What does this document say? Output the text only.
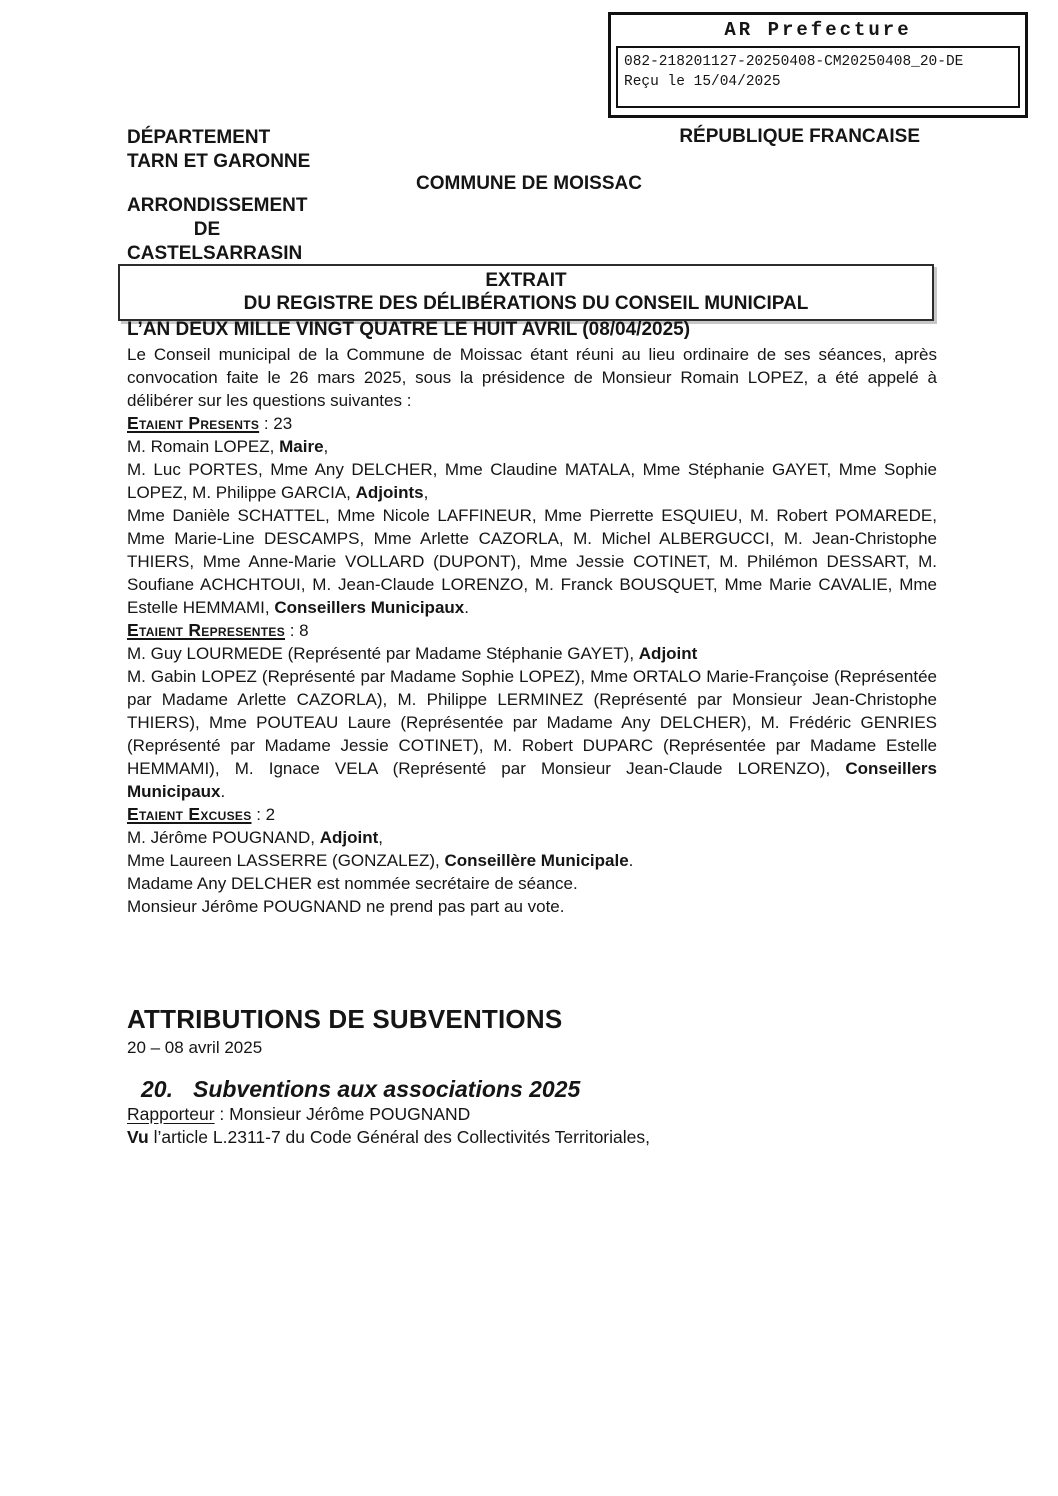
AR Prefecture
082-218201127-20250408-CM20250408_20-DE
Reçu le 15/04/2025
DÉPARTEMENT
TARN ET GARONNE
ARRONDISSEMENT
DE
CASTELSARRASIN
RÉPUBLIQUE FRANCAISE
COMMUNE DE MOISSAC
EXTRAIT
DU REGISTRE DES DÉLIBÉRATIONS DU CONSEIL MUNICIPAL
L’AN DEUX MILLE VINGT QUATRE LE HUIT AVRIL (08/04/2025)

Le Conseil municipal de la Commune de Moissac étant réuni au lieu ordinaire de ses séances, après convocation faite le 26 mars 2025, sous la présidence de Monsieur Romain LOPEZ, a été appelé à délibérer sur les questions suivantes :

Etaient Presents : 23

M. Romain LOPEZ, Maire,

M. Luc PORTES, Mme Any DELCHER, Mme Claudine MATALA, Mme Stéphanie GAYET, Mme Sophie LOPEZ, M. Philippe GARCIA, Adjoints,

Mme Danièle SCHATTEL, Mme Nicole LAFFINEUR, Mme Pierrette ESQUIEU, M. Robert POMAREDE, Mme Marie-Line DESCAMPS, Mme Arlette CAZORLA, M. Michel ALBERGUCCI, M. Jean-Christophe THIERS, Mme Anne-Marie VOLLARD (DUPONT), Mme Jessie COTINET, M. Philémon DESSART, M. Soufiane ACHCHTOUI, M. Jean-Claude LORENZO, M. Franck BOUSQUET, Mme Marie CAVALIE, Mme Estelle HEMMAMI, Conseillers Municipaux.

Etaient Representes : 8

M. Guy LOURMEDE (Représenté par Madame Stéphanie GAYET), Adjoint

M. Gabin LOPEZ (Représenté par Madame Sophie LOPEZ), Mme ORTALO Marie-Françoise (Représentée par Madame Arlette CAZORLA), M. Philippe LERMINEZ (Représenté par Monsieur Jean-Christophe THIERS), Mme POUTEAU Laure (Représentée par Madame Any DELCHER), M. Frédéric GENRIES (Représenté par Madame Jessie COTINET), M. Robert DUPARC (Représentée par Madame Estelle HEMMAMI), M. Ignace VELA (Représenté par Monsieur Jean-Claude LORENZO), Conseillers Municipaux.

Etaient Excuses : 2

M. Jérôme POUGNAND, Adjoint,

Mme Laureen LASSERRE (GONZALEZ), Conseillère Municipale.

Madame Any DELCHER est nommée secrétaire de séance.

Monsieur Jérôme POUGNAND ne prend pas part au vote.

ATTRIBUTIONS DE SUBVENTIONS
20 – 08 avril 2025
20. Subventions aux associations 2025

Rapporteur : Monsieur Jérôme POUGNAND

Vu l’article L.2311-7 du Code Général des Collectivités Territoriales,
